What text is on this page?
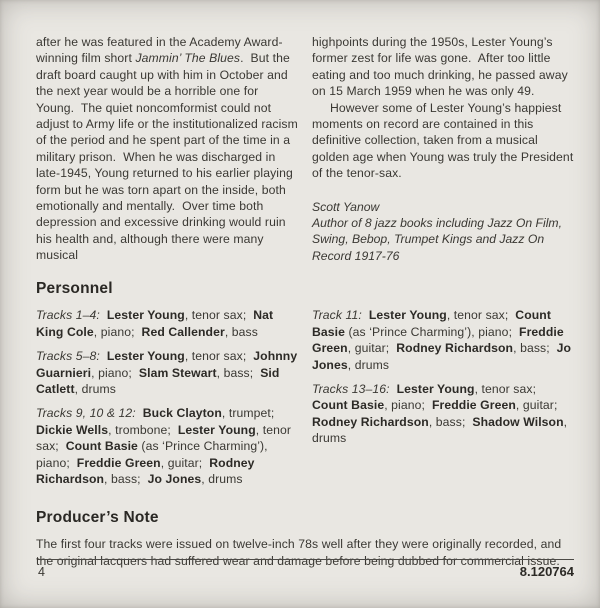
after he was featured in the Academy Award-winning film short Jammin’ The Blues.  But the draft board caught up with him in October and the next year would be a horrible one for Young.  The quiet noncomformist could not adjust to Army life or the institutionalized racism of the period and he spent part of the time in a military prison.  When he was discharged in late-1945, Young returned to his earlier playing form but he was torn apart on the inside, both emotionally and mentally.  Over time both depression and excessive drinking would ruin his health and, although there were many musical

highpoints during the 1950s, Lester Young’s former zest for life was gone.  After too little eating and too much drinking, he passed away on 15 March 1959 when he was only 49.

However some of Lester Young’s happiest moments on record are contained in this definitive collection, taken from a musical golden age when Young was truly the President of the tenor-sax.

Scott Yanow
Author of 8 jazz books including Jazz On Film, Swing, Bebop, Trumpet Kings and Jazz On Record 1917-76
Personnel

Tracks 1–4: Lester Young, tenor sax;  Nat King Cole, piano;  Red Callender, bass

Tracks 5–8: Lester Young, tenor sax;  Johnny Guarnieri, piano;  Slam Stewart, bass;  Sid Catlett, drums

Tracks 9, 10 & 12: Buck Clayton, trumpet;  Dickie Wells, trombone;  Lester Young, tenor sax;  Count Basie (as ‘Prince Charming’), piano;  Freddie Green, guitar;  Rodney Richardson, bass;  Jo Jones, drums

Track 11: Lester Young, tenor sax;  Count Basie (as ‘Prince Charming’), piano;  Freddie Green, guitar;  Rodney Richardson, bass;  Jo Jones, drums

Tracks 13–16: Lester Young, tenor sax;  Count Basie, piano;  Freddie Green, guitar;  Rodney Richardson, bass;  Shadow Wilson, drums

Producer’s Note

The first four tracks were issued on twelve-inch 78s well after they were originally recorded, and the original lacquers had suffered wear and damage before being dubbed for commercial issue.

4	8.120764
